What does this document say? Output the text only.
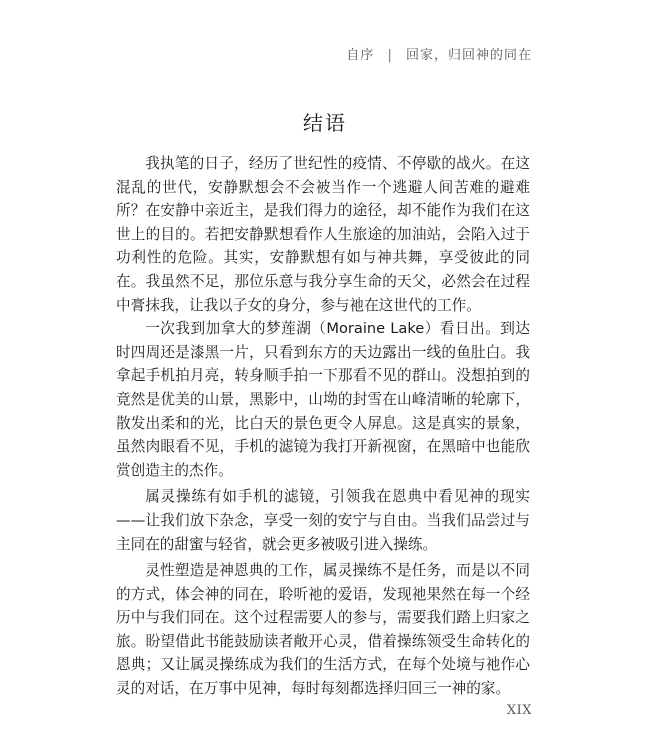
自序 | 回家，归回神的同在
结语

我执笔的日子，经历了世纪性的疫情、不停歇的战火。在这混乱的世代，安静默想会不会被当作一个逃避人间苦难的避难所？在安静中亲近主，是我们得力的途径，却不能作为我们在这世上的目的。若把安静默想看作人生旅途的加油站，会陷入过于功利性的危险。其实，安静默想有如与神共舞，享受彼此的同在。我虽然不足，那位乐意与我分享生命的天父，必然会在过程中膏抹我，让我以子女的身分，参与祂在这世代的工作。

一次我到加拿大的梦莲湖（Moraine Lake）看日出。到达时四周还是漆黑一片，只看到东方的天边露出一线的鱼肚白。我拿起手机拍月亮，转身顺手拍一下那看不见的群山。没想拍到的竟然是优美的山景，黑影中，山坳的封雪在山峰清晰的轮廓下，散发出柔和的光，比白天的景色更令人屏息。这是真实的景象，虽然肉眼看不见，手机的滤镜为我打开新视窗，在黑暗中也能欣赏创造主的杰作。

属灵操练有如手机的滤镜，引领我在恩典中看见神的现实——让我们放下杂念，享受一刻的安宁与自由。当我们品尝过与主同在的甜蜜与轻省，就会更多被吸引进入操练。

灵性塑造是神恩典的工作，属灵操练不是任务，而是以不同的方式，体会神的同在，聆听祂的爱语，发现祂果然在每一个经历中与我们同在。这个过程需要人的参与，需要我们踏上归家之旅。盼望借此书能鼓励读者敞开心灵，借着操练领受生命转化的恩典；又让属灵操练成为我们的生活方式，在每个处境与祂作心灵的对话，在万事中见神，每时每刻都选择归回三一神的家。

XIX
